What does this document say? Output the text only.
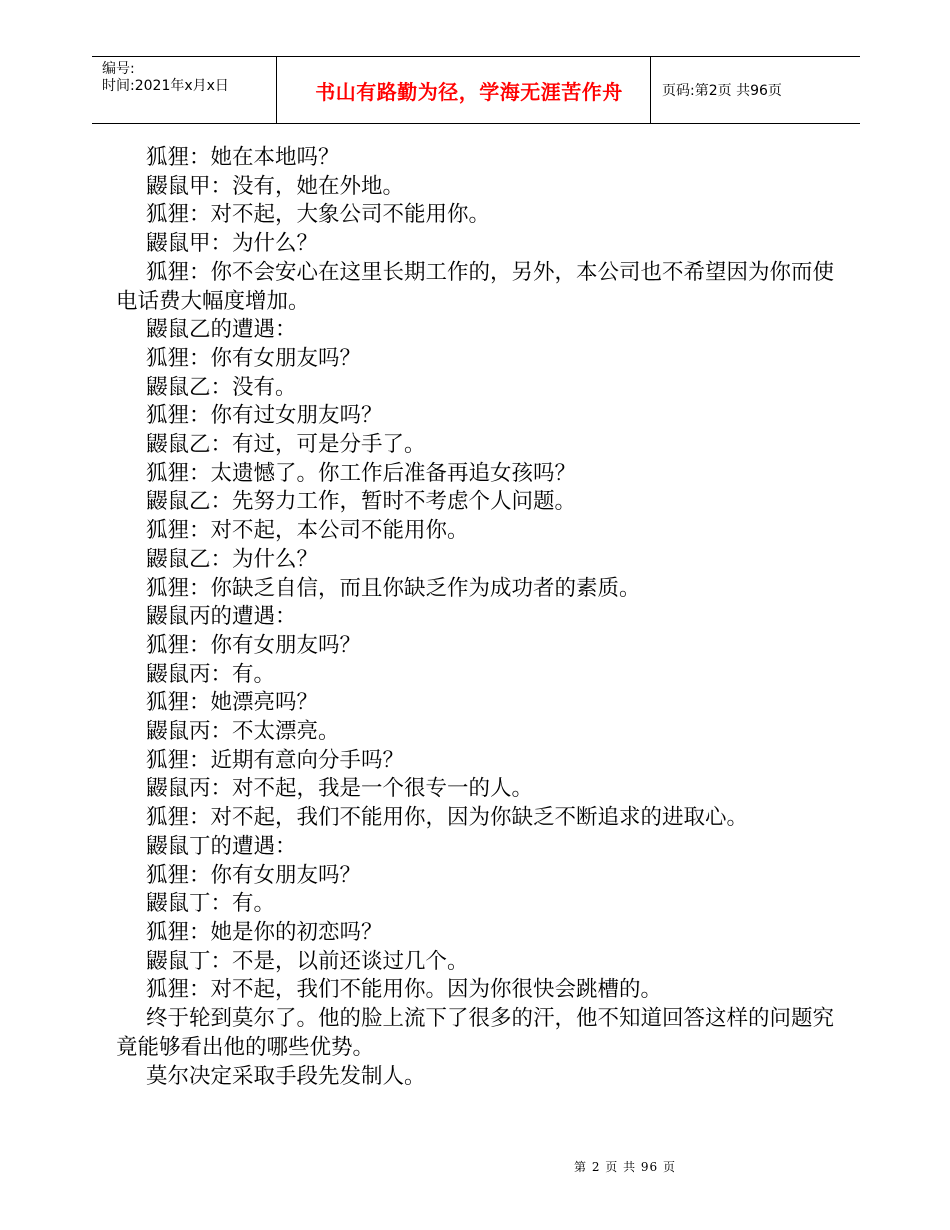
编号:
时间:2021年x月x日	书山有路勤为径，学海无涯苦作舟	页码:第2页 共96页

狐狸：她在本地吗？

鼹鼠甲：没有，她在外地。

狐狸：对不起，大象公司不能用你。

鼹鼠甲：为什么？

狐狸：你不会安心在这里长期工作的，另外，本公司也不希望因为你而使电话费大幅度增加。

鼹鼠乙的遭遇：

狐狸：你有女朋友吗？

鼹鼠乙：没有。

狐狸：你有过女朋友吗？

鼹鼠乙：有过，可是分手了。

狐狸：太遗憾了。你工作后准备再追女孩吗？

鼹鼠乙：先努力工作，暂时不考虑个人问题。

狐狸：对不起，本公司不能用你。

鼹鼠乙：为什么？

狐狸：你缺乏自信，而且你缺乏作为成功者的素质。

鼹鼠丙的遭遇：

狐狸：你有女朋友吗？

鼹鼠丙：有。

狐狸：她漂亮吗？

鼹鼠丙：不太漂亮。

狐狸：近期有意向分手吗？

鼹鼠丙：对不起，我是一个很专一的人。

狐狸：对不起，我们不能用你，因为你缺乏不断追求的进取心。

鼹鼠丁的遭遇：

狐狸：你有女朋友吗？

鼹鼠丁：有。

狐狸：她是你的初恋吗？

鼹鼠丁：不是，以前还谈过几个。

狐狸：对不起，我们不能用你。因为你很快会跳槽的。

终于轮到莫尔了。他的脸上流下了很多的汗，他不知道回答这样的问题究竟能够看出他的哪些优势。

莫尔决定采取手段先发制人。

第 2 页 共 96 页
